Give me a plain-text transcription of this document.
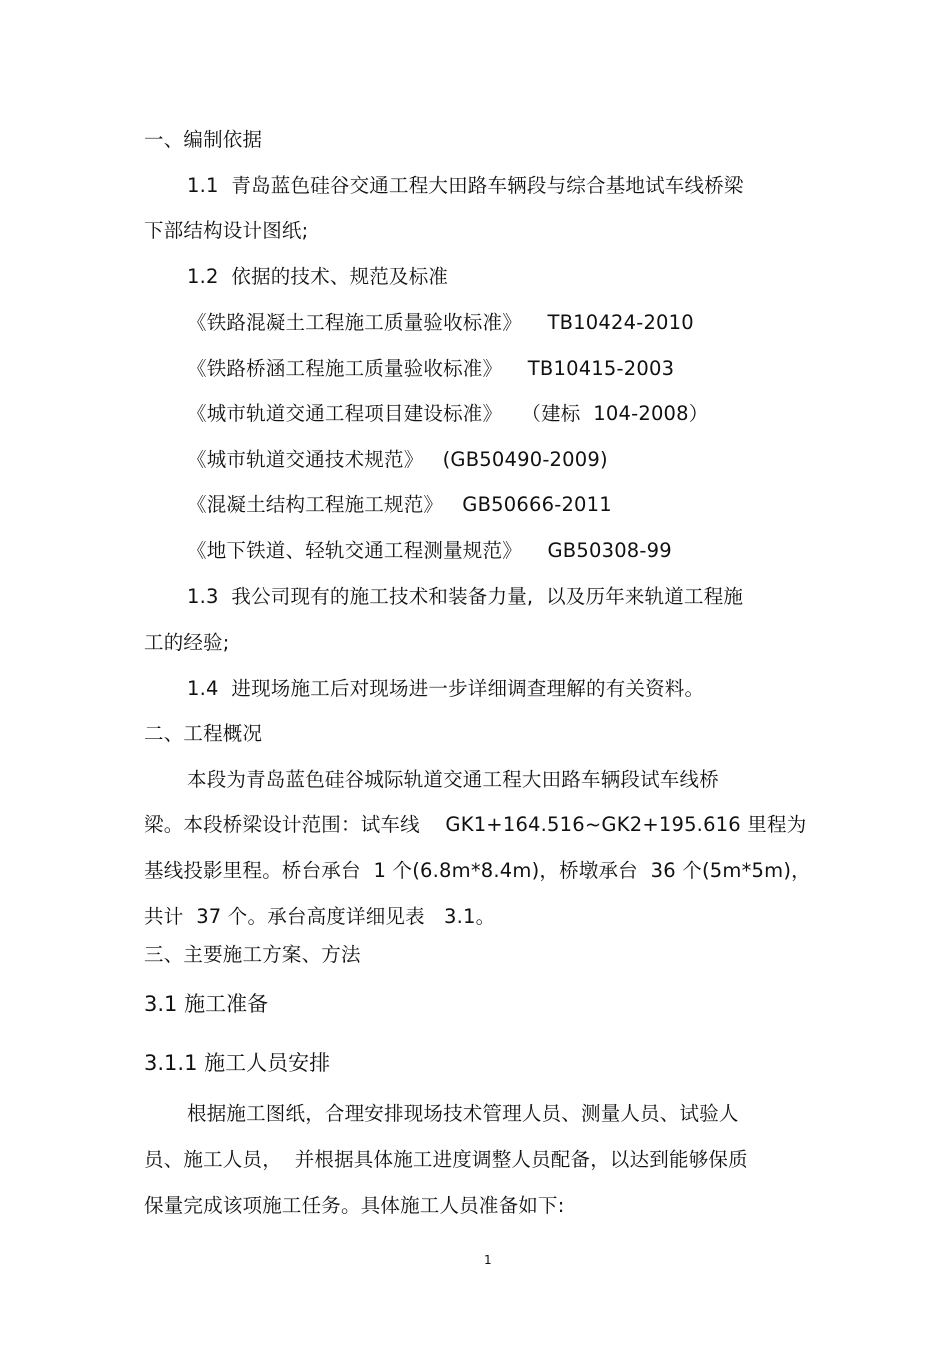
一、编制依据
1.1  青岛蓝色硅谷交通工程大田路车辆段与综合基地试车线桥梁
下部结构设计图纸;
1.2  依据的技术、规范及标准
《铁路混凝土工程施工质量验收标准》    TB10424-2010
《铁路桥涵工程施工质量验收标准》    TB10415-2003
《城市轨道交通工程项目建设标准》   （建标  104-2008）
《城市轨道交通技术规范》   (GB50490-2009)
《混凝土结构工程施工规范》   GB50666-2011
《地下铁道、轻轨交通工程测量规范》    GB50308-99
1.3  我公司现有的施工技术和装备力量,  以及历年来轨道工程施
工的经验;
1.4  进现场施工后对现场进一步详细调查理解的有关资料。
二、工程概况
本段为青岛蓝色硅谷城际轨道交通工程大田路车辆段试车线桥
梁。本段桥梁设计范围：试车线    GK1+164.516~GK2+195.616 里程为
基线投影里程。桥台承台  1 个(6.8m*8.4m)，桥墩承台  36 个(5m*5m)，
共计  37 个。承台高度详细见表   3.1。
三、主要施工方案、方法
3.1 施工准备
3.1.1 施工人员安排
根据施工图纸，合理安排现场技术管理人员、测量人员、试验人
员、施工人员，  并根据具体施工进度调整人员配备，以达到能够保质
保量完成该项施工任务。具体施工人员准备如下:
1
